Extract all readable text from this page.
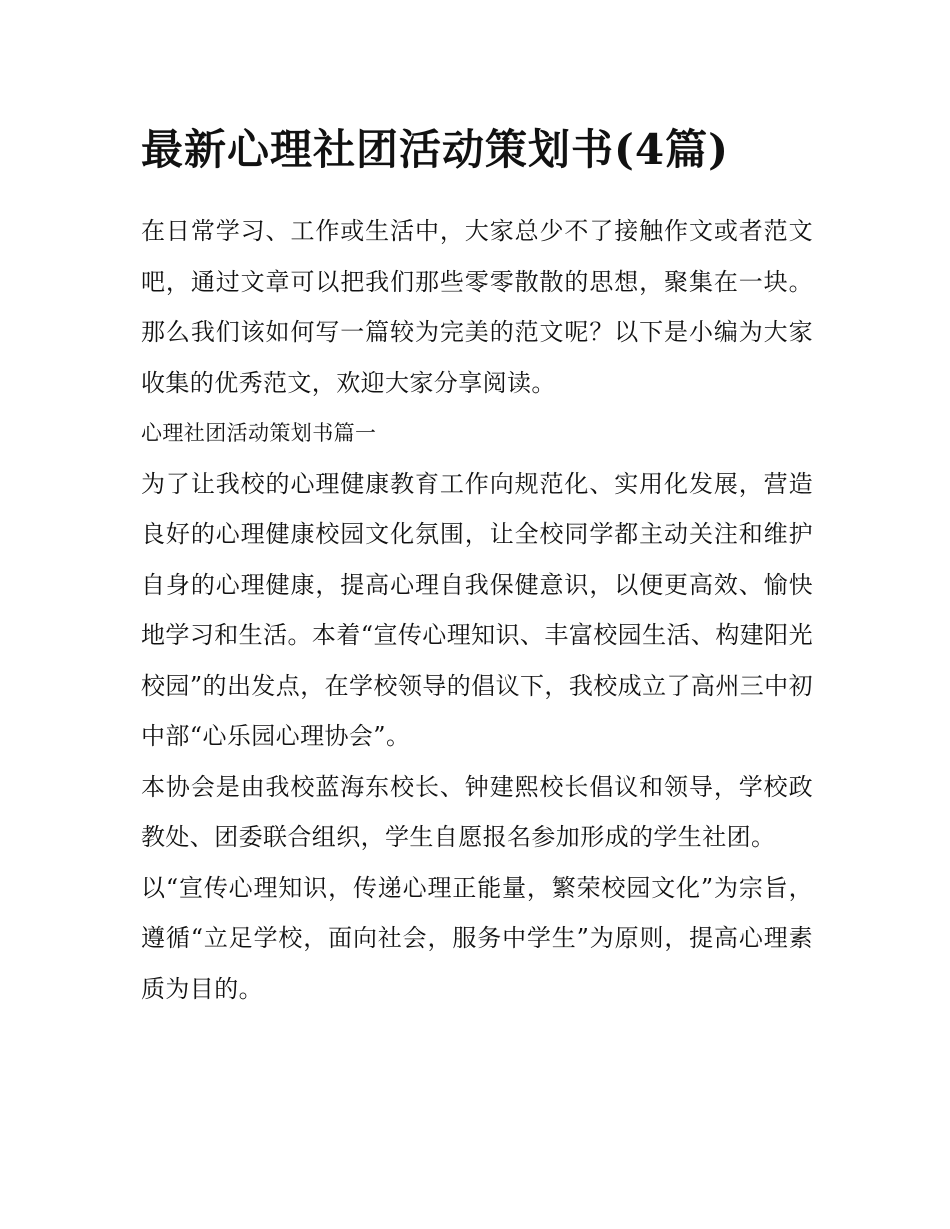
最新心理社团活动策划书(4篇)

在日常学习、工作或生活中，大家总少不了接触作文或者范文吧，通过文章可以把我们那些零零散散的思想，聚集在一块。那么我们该如何写一篇较为完美的范文呢？以下是小编为大家收集的优秀范文，欢迎大家分享阅读。

心理社团活动策划书篇一

为了让我校的心理健康教育工作向规范化、实用化发展，营造良好的心理健康校园文化氛围，让全校同学都主动关注和维护自身的心理健康，提高心理自我保健意识，以便更高效、愉快地学习和生活。本着“宣传心理知识、丰富校园生活、构建阳光校园”的出发点，在学校领导的倡议下，我校成立了高州三中初中部“心乐园心理协会”。

本协会是由我校蓝海东校长、钟建熙校长倡议和领导，学校政教处、团委联合组织，学生自愿报名参加形成的学生社团。

以“宣传心理知识，传递心理正能量，繁荣校园文化”为宗旨，遵循“立足学校，面向社会，服务中学生”为原则，提高心理素质为目的。
